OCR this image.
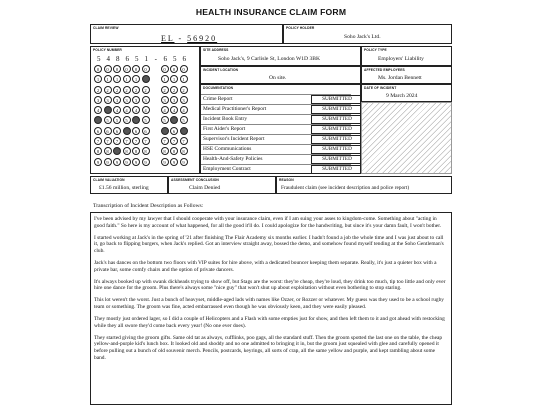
HEALTH INSURANCE CLAIM FORM
CLAIM REVIEW
EL - 56920
POLICY HOLDER
Soho Jack's Ltd.
POLICY NUMBER
5 4 8 6 5 1 - 6 5 6
0	0	0	0	0	0	0	0	0
1	1	1	1	1	1	1	1	1
2	2	2	2	2	2	2	2	2
3	3	3	3	3	3	3	3	3
4	4	4	4	4	4	4	4	4
5	5	5	5	5	5	5	5	5
6	6	6	6	6	6	6	6	6
7	7	7	7	7	7	7	7	7
8	8	8	8	8	8	8	8	8
9	9	9	9	9	9	9	9	9
SITE ADDRESS
Soho Jack's, 9 Carlisle St, London W1D 3BK
POLICY TYPE
Employers' Liability
INCIDENT LOCATION
On site.
AFFECTED EMPLOYEES
Ms. Jordan Bennett
DOCUMENTATION
Crime Report	SUBMITTED
Medical Practitioner's Report	SUBMITTED
Incident Book Entry	SUBMITTED
First Aider's Report	SUBMITTED
Supervisor's Incident Report	SUBMITTED
HSE Communications	SUBMITTED
Health-And-Safety Policies	SUBMITTED
Employment Contract	SUBMITTED
DATE OF INCIDENT
9 March 2024
CLAIM VALUATION
£1.56 million, sterling
ASSESSMENT CONCLUSION
Claim Denied
REASON
Fraudulent claim (see incident description and police report)
Transcription of Incident Description as Follows:

I've been advised by my lawyer that I should cooperate with your insurance claim, even if I am suing your asses to kingdom-come. Something about "acting in good faith." So here is my account of what happened, for all the good it'll do. I could apologize for the handwriting, but since it's your damn fault, I won't bother.

I started working at Jack's in the spring of '21 after finishing The Flair Academy six months earlier. I hadn't found a job the whole time and I was just about to call it, go back to flipping burgers, when Jack's replied. Got an interview straight away, bossed the demo, and somehow found myself tending at the Soho Gentleman's club.

Jack's has dances on the bottom two floors with VIP suites for hire above, with a dedicated bouncer keeping them separate. Really, it's just a quieter box with a private bar, some comfy chairs and the option of private dancers.

It's always booked up with swank dickheads trying to show off, but Stags are the worst: they're cheap, they're loud, they drink too much, tip too little and only ever hire one dance for the groom. Plus there's always some "nice guy" that won't shut up about exploitation without even bothering to stop staring.

This lot weren't the worst. Just a bunch of heavyset, middle-aged lads with names like Ozzer, or Rozzer or whatever. My guess was they used to be a school rugby team or something. The groom was fine, acted embarrassed even though he was obviously keen, and they were easily pleased.

They mostly just ordered lager, so I did a couple of Helicopters and a Flash with some empties just for show, and then left them to it and got ahead with restocking while they all swore they'd come back every year! (No one ever does).

They started giving the groom gifts. Same old tat as always, cufflinks, poo gags, all the standard stuff. Then the groom spotted the last one on the table, the cheap yellow-and-purple kid's lunch box. It looked old and shoddy and no one admitted to bringing it in, but the groom just squealed with glee and carefully opened it before pulling out a bunch of old souvenir merch. Pencils, postcards, keyrings, all sorts of crap, all the same yellow and purple, and kept rambling about some band.
